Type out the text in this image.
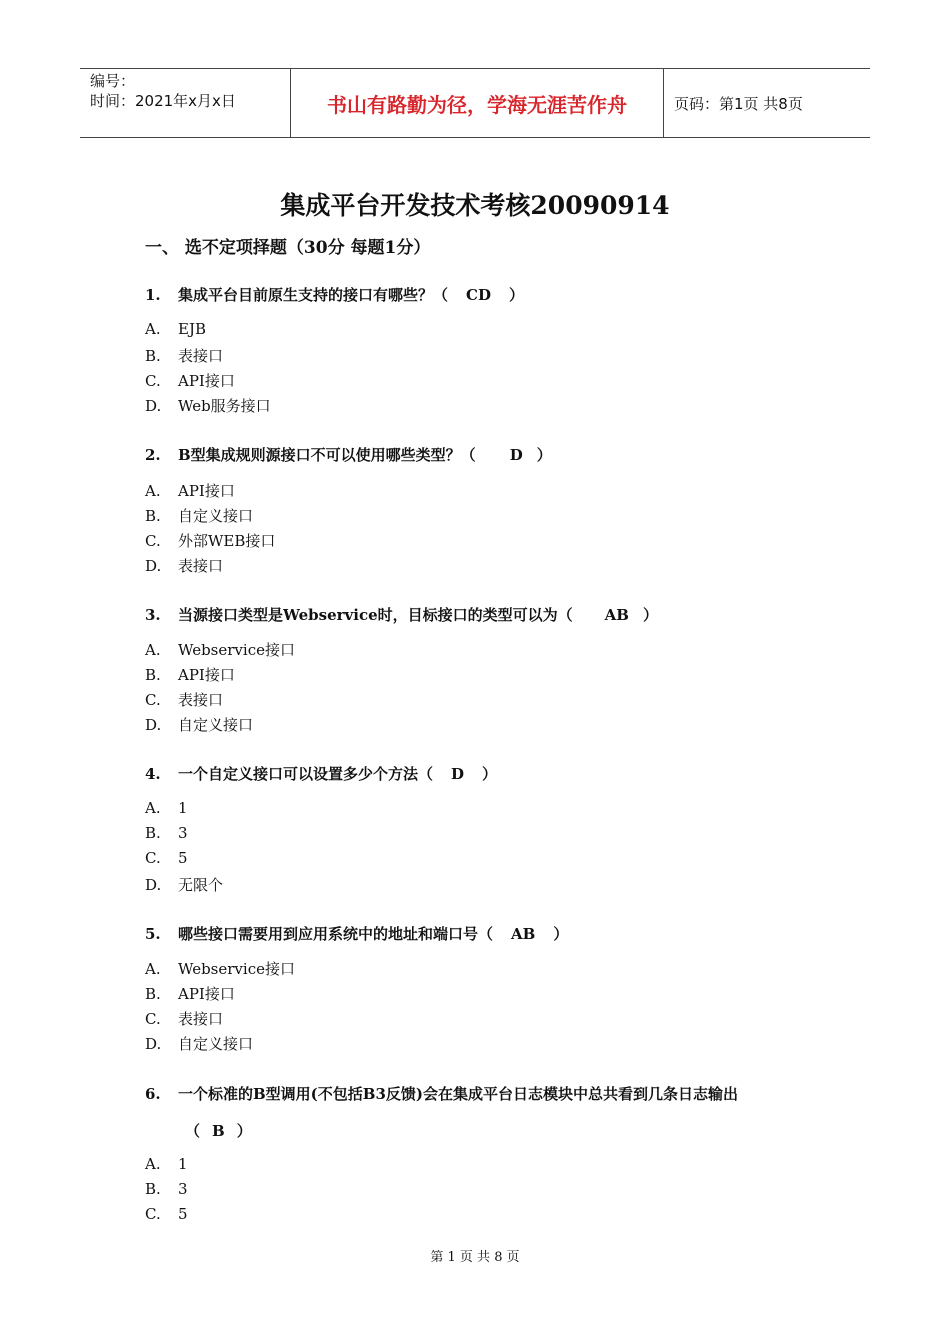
编号：
时间：2021年x月x日	书山有路勤为径，学海无涯苦作舟	页码：第1页 共8页
集成平台开发技术考核20090914
一、 选不定项择题（30分 每题1分）
1. 集成平台目前原生支持的接口有哪些？（ CD ）
A. EJB
B. 表接口
C. API接口
D. Web服务接口
2. B型集成规则源接口不可以使用哪些类型？（ D ）
A. API接口
B. 自定义接口
C. 外部WEB接口
D. 表接口
3. 当源接口类型是Webservice时，目标接口的类型可以为（ AB ）
A. Webservice接口
B. API接口
C. 表接口
D. 自定义接口
4. 一个自定义接口可以设置多少个方法（ D ）
A. 1
B. 3
C. 5
D. 无限个
5. 哪些接口需要用到应用系统中的地址和端口号（ AB ）
A. Webservice接口
B. API接口
C. 表接口
D. 自定义接口
6. 一个标准的B型调用(不包括B3反馈)会在集成平台日志模块中总共看到几条日志输出
（ B ）
A. 1
B. 3
C. 5
第 1 页 共 8 页
